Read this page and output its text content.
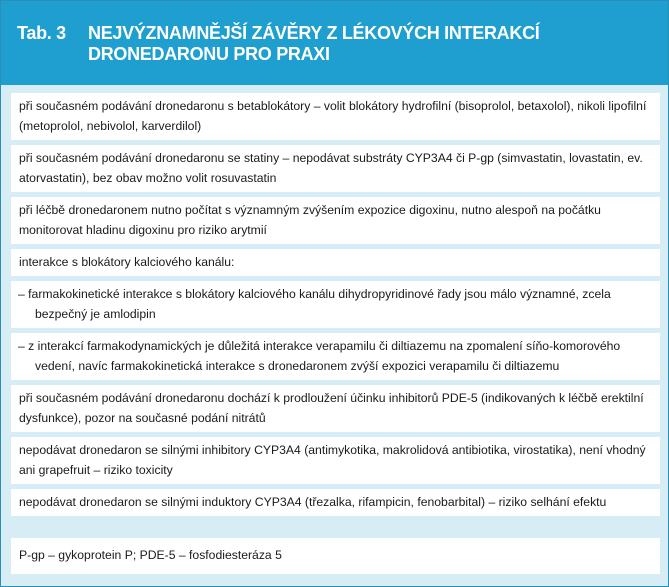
Tab. 3 NEJVÝZNAMNĚJŠÍ ZÁVĚRY Z LÉKOVÝCH INTERAKCÍ DRONEDARONU PRO PRAXI
při současném podávání dronedaronu s betablokátory – volit blokátory hydrofilní (bisoprolol, betaxolol), nikoli lipofilní (metoprolol, nebivolol, karverdilol)
při současném podávání dronedaronu se statiny – nepodávat substráty CYP3A4 či P-gp (simvastatin, lovastatin, ev. atorvastatin), bez obav možno volit rosuvastatin
při léčbě dronedaronem nutno počítat s významným zvýšením expozice digoxinu, nutno alespoň na počátku monitorovat hladinu digoxinu pro riziko arytmií
interakce s blokátory kalciového kanálu:
– farmakokinetické interakce s blokátory kalciového kanálu dihydropyridinové řady jsou málo významné, zcela bezpečný je amlodipin
– z interakcí farmakodynamických je důležitá interakce verapamilu či diltiazemu na zpomalení síňo-komorového vedení, navíc farmakokinetická interakce s dronedaronem zvýší expozici verapamilu či diltiazemu
při současném podávání dronedaronu dochází k prodloužení účinku inhibitorů PDE-5 (indikovaných k léčbě erektilní dysfunkce), pozor na současné podání nitrátů
nepodávat dronedaron se silnými inhibitory CYP3A4 (antimykotika, makrolidová antibiotika, virostatika), není vhodný ani grapefruit – riziko toxicity
nepodávat dronedaron se silnými induktory CYP3A4 (třezalka, rifampicin, fenobarbital) – riziko selhání efektu
P-gp – gykoprotein P; PDE-5 – fosfodiesteráza 5
